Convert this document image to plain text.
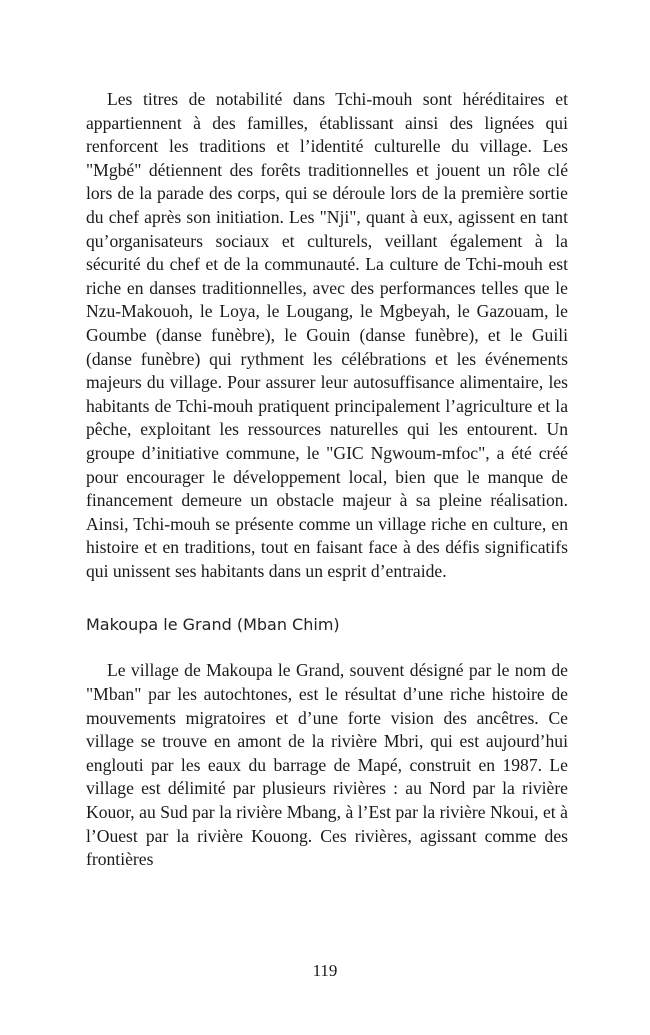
Les titres de notabilité dans Tchi-mouh sont héréditaires et appartiennent à des familles, établissant ainsi des lignées qui renforcent les traditions et l’identité culturelle du village. Les "Mgbé" détiennent des forêts traditionnelles et jouent un rôle clé lors de la parade des corps, qui se déroule lors de la première sortie du chef après son initiation. Les "Nji", quant à eux, agissent en tant qu’organisateurs sociaux et culturels, veillant également à la sécurité du chef et de la communauté. La culture de Tchi-mouh est riche en danses traditionnelles, avec des performances telles que le Nzu-Makouoh, le Loya, le Lougang, le Mgbeyah, le Gazouam, le Goumbe (danse funèbre), le Gouin (danse funèbre), et le Guili (danse funèbre) qui rythment les célébrations et les événements majeurs du village. Pour assurer leur autosuffisance alimentaire, les habitants de Tchi-mouh pratiquent principalement l’agriculture et la pêche, exploitant les ressources naturelles qui les entourent. Un groupe d’initiative commune, le "GIC Ngwoum-mfoc", a été créé pour encourager le développement local, bien que le manque de financement demeure un obstacle majeur à sa pleine réalisation. Ainsi, Tchi-mouh se présente comme un village riche en culture, en histoire et en traditions, tout en faisant face à des défis significatifs qui unissent ses habitants dans un esprit d’entraide.

Makoupa le Grand (Mban Chim)

Le village de Makoupa le Grand, souvent désigné par le nom de "Mban" par les autochtones, est le résultat d’une riche histoire de mouvements migratoires et d’une forte vision des ancêtres. Ce village se trouve en amont de la rivière Mbri, qui est aujourd’hui englouti par les eaux du barrage de Mapé, construit en 1987. Le village est délimité par plusieurs rivières : au Nord par la rivière Kouor, au Sud par la rivière Mbang, à l’Est par la rivière Nkoui, et à l’Ouest par la rivière Kouong. Ces rivières, agissant comme des frontières

119
